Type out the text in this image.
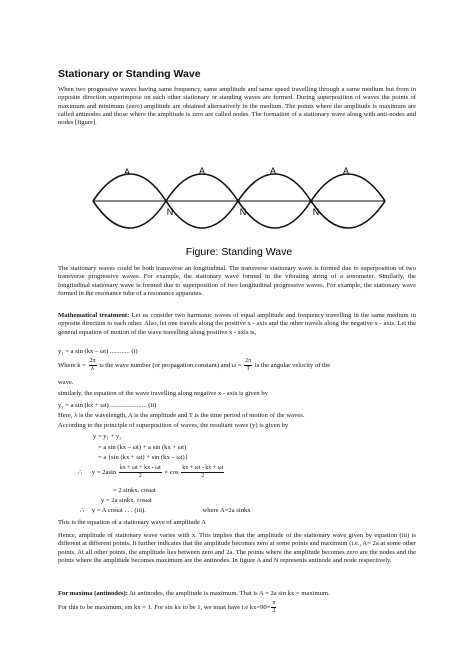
Stationary or Standing Wave

When two progressive waves having same frequency, same amplitude and same speed travelling through a same medium but from in opposite direction superimpose on each other stationary or standing waves are formed. During superposition of waves the points of maximum and minimum (zero) amplitude are obtained alternatively in the medium. The points where the amplitude is maximum are called antinodes and those where the amplitude is zero are called nodes. The formation of a stationary wave along with anti-nodes and nodes [figure].

A	A	A	A
N	N	N
Figure: Standing Wave

The stationary waves could be both transverse an longitudinal. The transverse stationary wave is formed due to superposition of two transverse progressive waves. For example, the stationary wave formed in the vibrating string of a sonometer. Similarly, the longitudinal stationary wave is formed due to superposition of two longitudinal progressive waves. For example, the stationary wave formed in the resonance tube of a resonance apparatus.

Mathematical treatment: Let us consider two harmonic waves of equal amplitude and frequency travelling in the same medium in opposite direction to each other. Also, let one travels along the positive x - axis and the other travels along the negative x - axis. Let the general equation of motion of the wave travelling along positive x - axis is,

y₁ = a sin (kx – ωt) ............ (i)
Where $k = \frac{2\pi}{\lambda}$ is the wave number (or propagation constant) and $\omega = \frac{2\pi}{T}$ is the angular velocity of the
wave.
similarly, the equation of the wave travelling along negative x - axis is given by
y₂ = a sin (kx + ωt) ...................... (ii)
Here, λ is the wavelength, A is the amplitude and T is the time period of motion of the waves.
According to the principle of superposition of waves, the resultant wave (y) is given by
y = y₁ + y₂
= a sin (kx – ωt) + a sin (kx + ωt)
= a {sin (kx + ωt) + sin (kx – ωt)}
∴ $y = 2asin \frac{kx + \omega t + kx - \omega t}{2} \times \cos \frac{kx + \omega t - kx + \omega t}{2}$
= 2.sinkx. cosωt
y = 2a sinkx. cosωt
∴ y = A cosωt . . . (iii).	where A=2a sinkx
This is the equation of a stationary wave of amplitude A

Hence, amplitude of stationary wave varies with x. This implies that the amplitude of the stationary wave given by equation (iii) is different at different points. It further indicates that the amplitude becomes zero at some points and maximum (i.e., A= 2a at some other points. At all other points, the amplitude lies between zero and 2a. The points where the amplitude becomes zero are the nodes and the points where the amplitude becomes maximum are the antinodes. In figure A and N represents antinode and node respectively.

For maxima (antinodes): At antinodes, the amplitude is maximum. That is A = 2a sin kx = maximum.
For this to be maximum, sin kx = 1. For sin kx to be 1, we must have i.e $kx=90= \frac{\pi}{2}$
